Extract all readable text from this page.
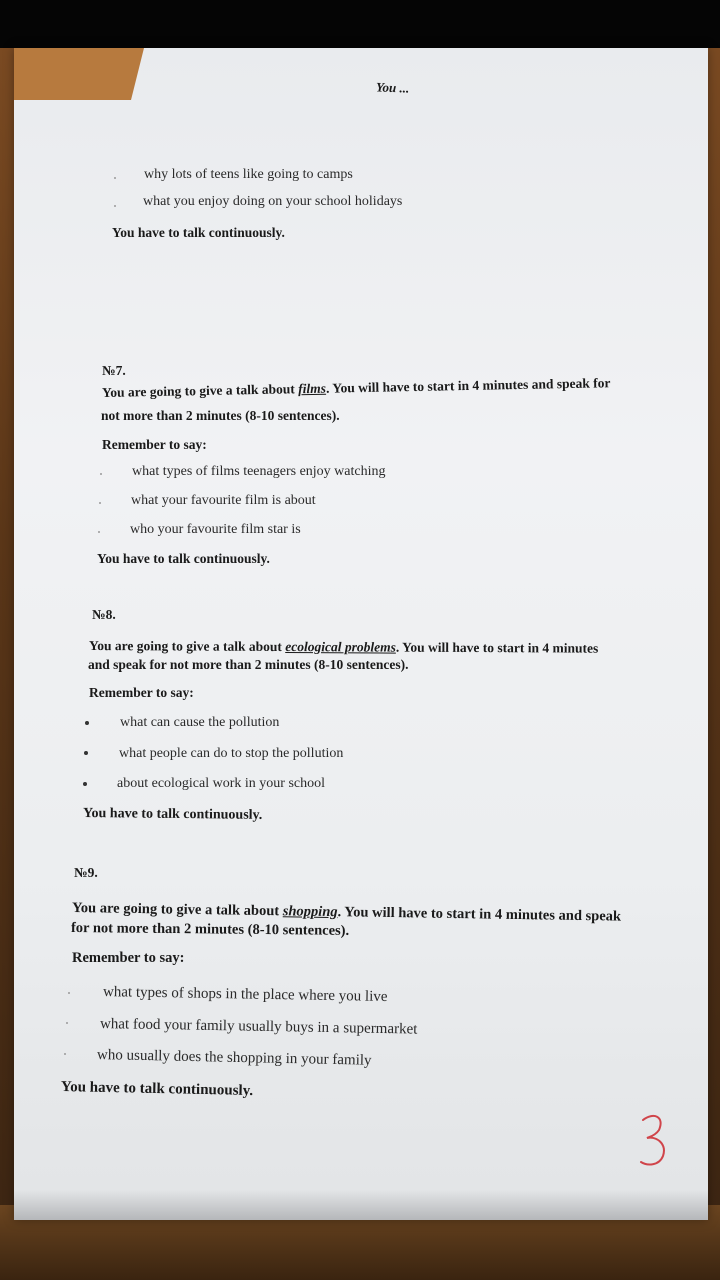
You ...
why lots of teens like going to camps
what you enjoy doing on your school holidays
You have to talk continuously.
№7.
You are going to give a talk about films. You will have to start in 4 minutes and speak for
not more than 2 minutes (8-10 sentences).
Remember to say:
what types of films teenagers enjoy watching
what your favourite film is about
who your favourite film star is
You have to talk continuously.
№8.
You are going to give a talk about ecological problems. You will have to start in 4 minutes
and speak for not more than 2 minutes (8-10 sentences).
Remember to say:
what can cause the pollution
what people can do to stop the pollution
about ecological work in your school
You have to talk continuously.
№9.
You are going to give a talk about shopping. You will have to start in 4 minutes and speak
for not more than 2 minutes (8-10 sentences).
Remember to say:
what types of shops in the place where you live
what food your family usually buys in a supermarket
who usually does the shopping in your family
You have to talk continuously.
